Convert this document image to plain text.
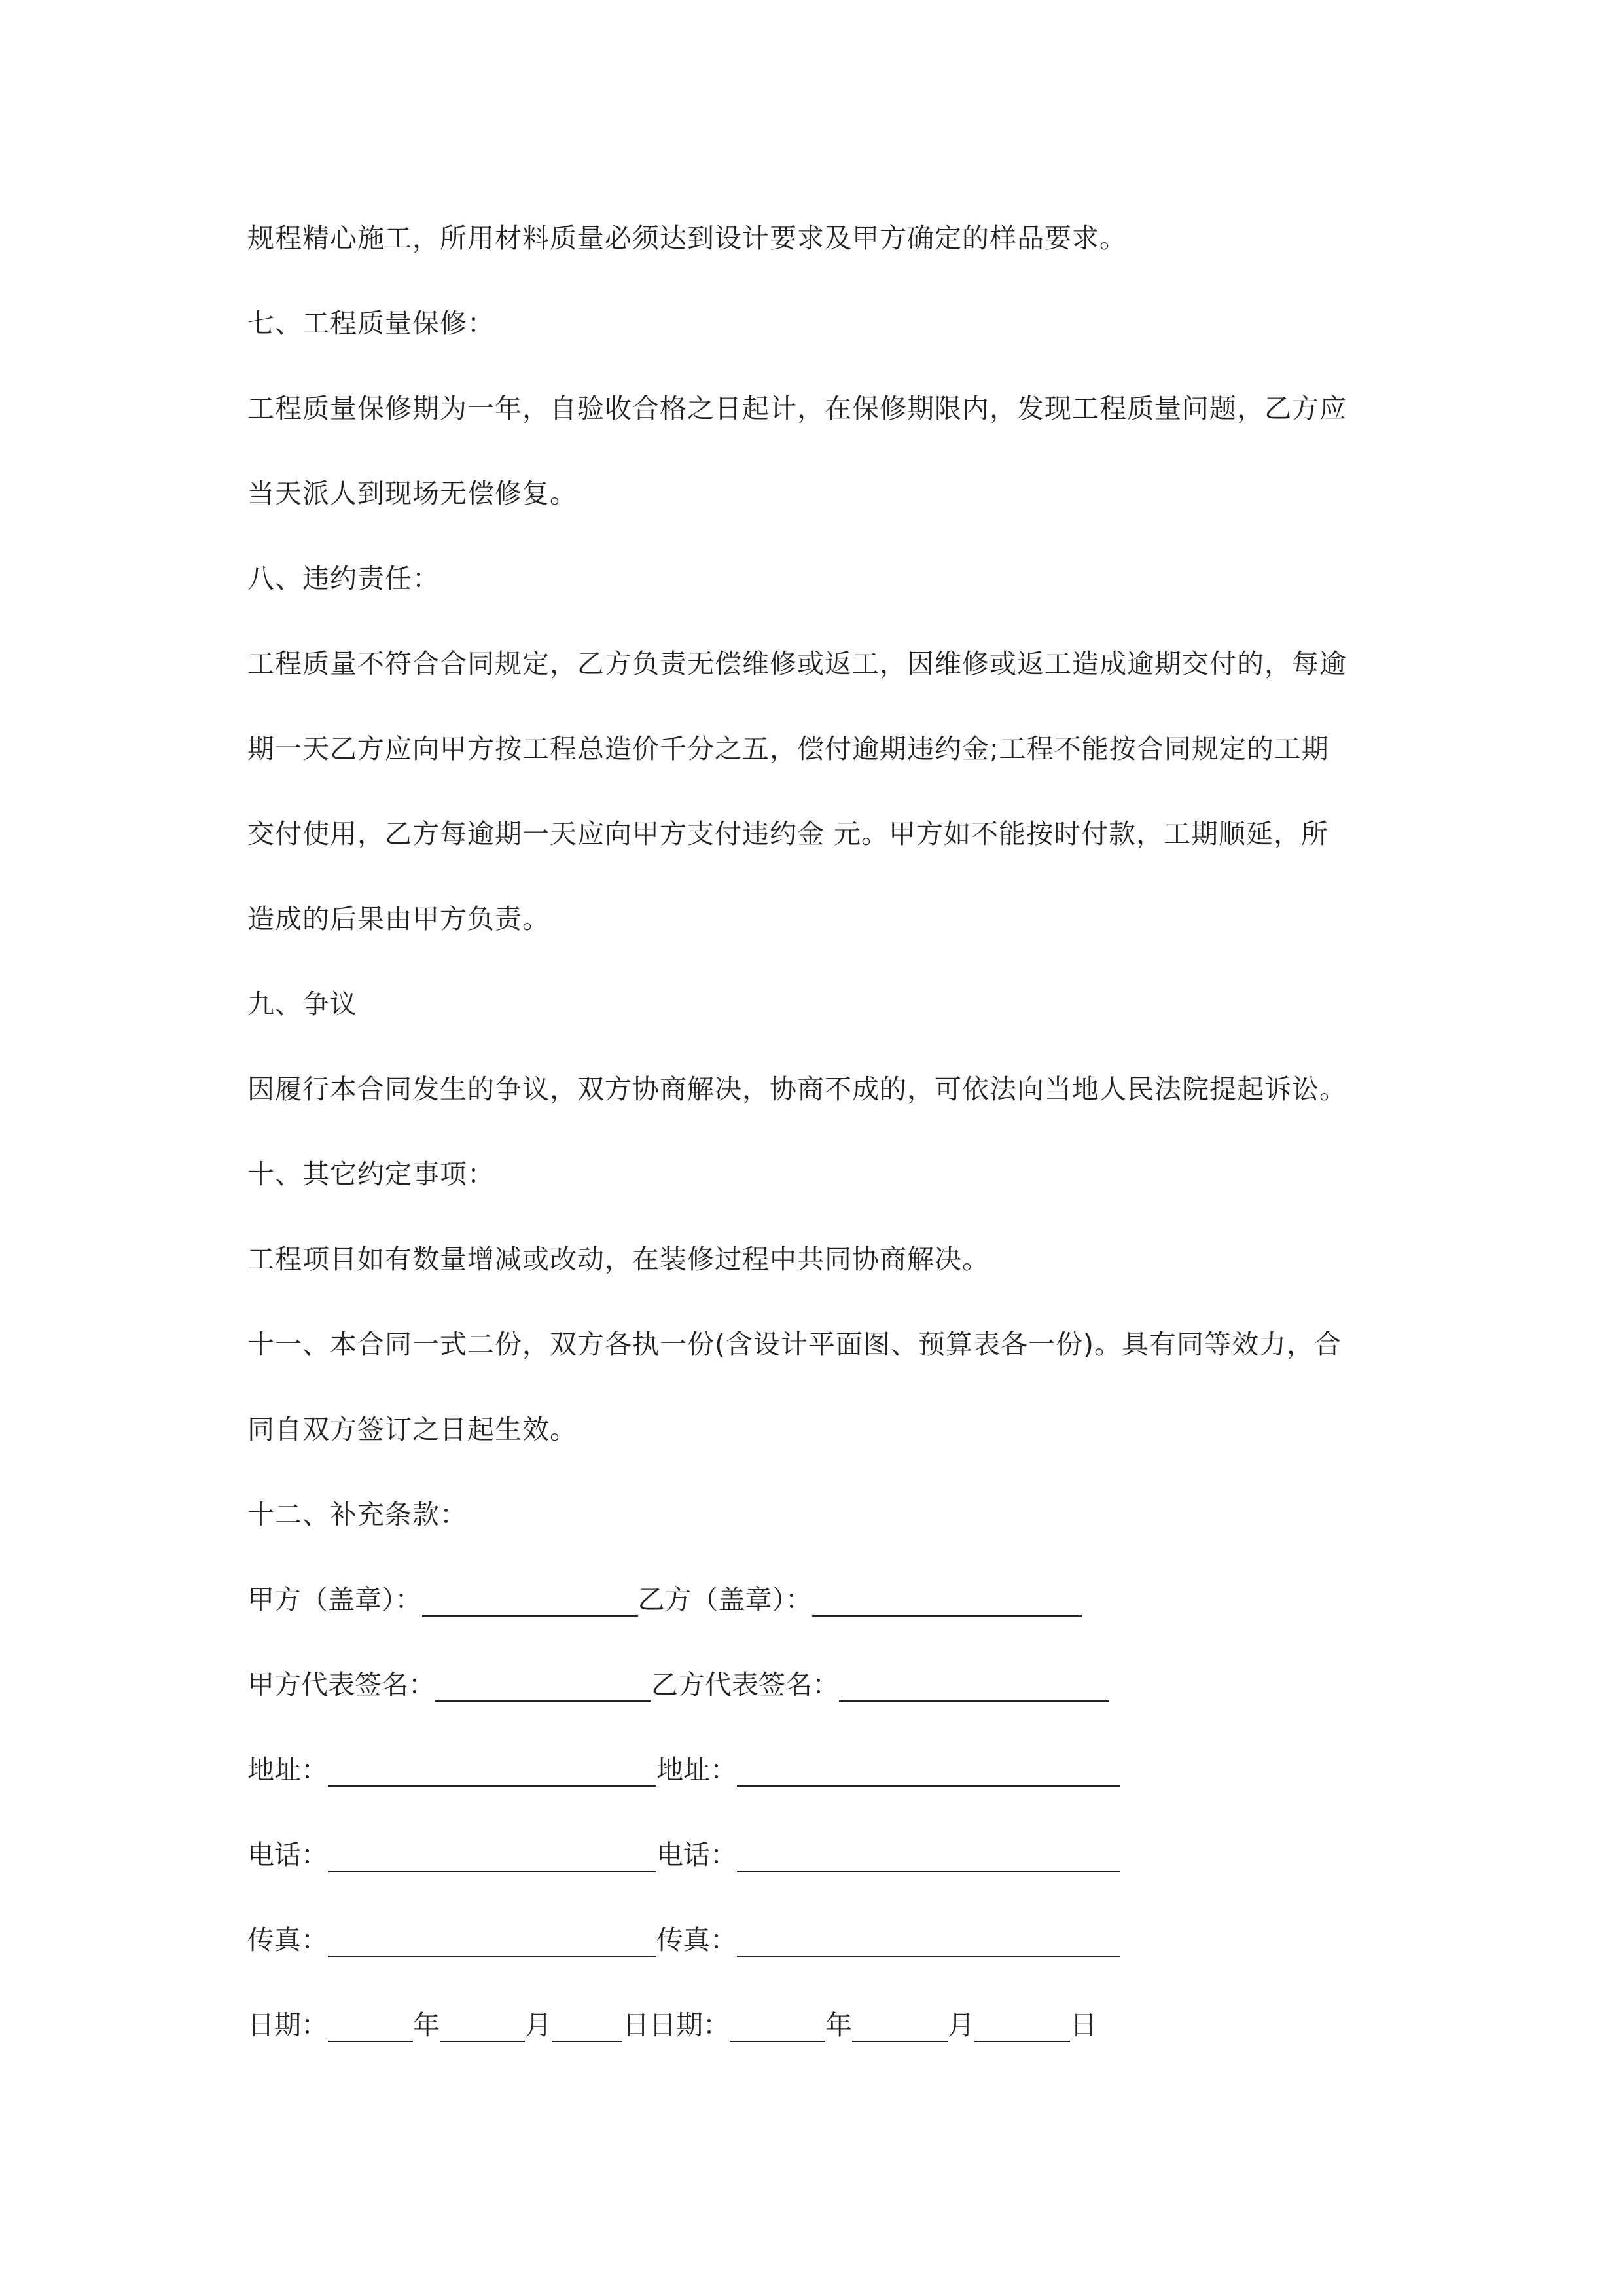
规程精心施工，所用材料质量必须达到设计要求及甲方确定的样品要求。
七、工程质量保修：
工程质量保修期为一年，自验收合格之日起计，在保修期限内，发现工程质量问题，乙方应
当天派人到现场无偿修复。
八、违约责任：
工程质量不符合合同规定，乙方负责无偿维修或返工，因维修或返工造成逾期交付的，每逾
期一天乙方应向甲方按工程总造价千分之五，偿付逾期违约金;工程不能按合同规定的工期
交付使用，乙方每逾期一天应向甲方支付违约金 元。甲方如不能按时付款，工期顺延，所
造成的后果由甲方负责。
九、争议
因履行本合同发生的争议，双方协商解决，协商不成的，可依法向当地人民法院提起诉讼。
十、其它约定事项：
工程项目如有数量增减或改动，在装修过程中共同协商解决。
十一、本合同一式二份，双方各执一份(含设计平面图、预算表各一份)。具有同等效力，合
同自双方签订之日起生效。
十二、补充条款：
甲方（盖章）：	乙方（盖章）：
甲方代表签名：	乙方代表签名：
地址：	地址：
电话：	电话：
传真：	传真：
日期：	年	月	日 日期：	年	月	日
